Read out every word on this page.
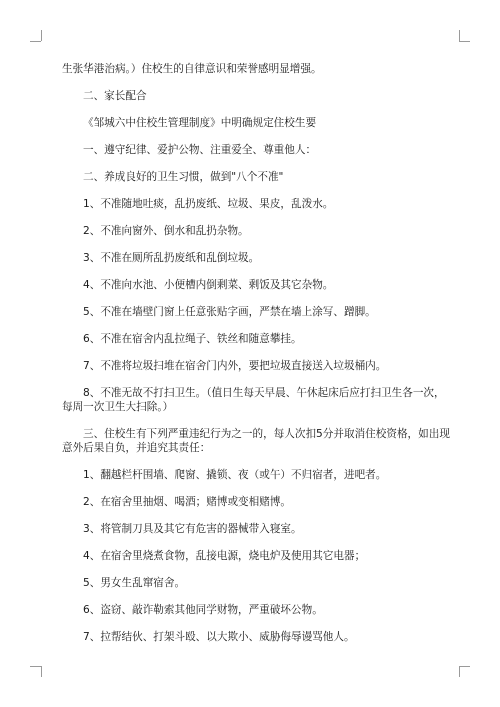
生张华港治病。）住校生的自律意识和荣誉感明显增强。
二、家长配合
《邹城六中住校生管理制度》中明确规定住校生要
一、遵守纪律、爱护公物、注重爱全、尊重他人：
二、养成良好的卫生习惯，做到"八个不准"
1、不准随地吐痰，乱扔废纸、垃圾、果皮，乱泼水。
2、不准向窗外、倒水和乱扔杂物。
3、不准在厕所乱扔废纸和乱倒垃圾。
4、不准向水池、小便槽内倒剩菜、剩饭及其它杂物。
5、不准在墙壁门窗上任意张贴字画，严禁在墙上涂写、蹭脚。
6、不准在宿舍内乱拉绳子、铁丝和随意攀挂。
7、不准将垃圾扫堆在宿舍门内外，要把垃圾直接送入垃圾桶内。
8、不准无故不打扫卫生。（值日生每天早晨、午休起床后应打扫卫生各一次，
每周一次卫生大扫除。）
三、住校生有下列严重违纪行为之一的，每人次扣5分并取消住校资格，如出现
意外后果自负，并追究其责任：
1、翻越栏杆围墙、爬窗、撬锁、夜（或午）不归宿者，进吧者。
2、在宿舍里抽烟、喝酒；赌博或变相赌博。
3、将管制刀具及其它有危害的器械带入寝室。
4、在宿舍里烧煮食物，乱接电源，烧电炉及使用其它电器；
5、男女生乱窜宿舍。
6、盗窃、敲诈勒索其他同学财物，严重破坏公物。
7、拉帮结伙、打架斗殴、以大欺小、威胁侮辱谩骂他人。
